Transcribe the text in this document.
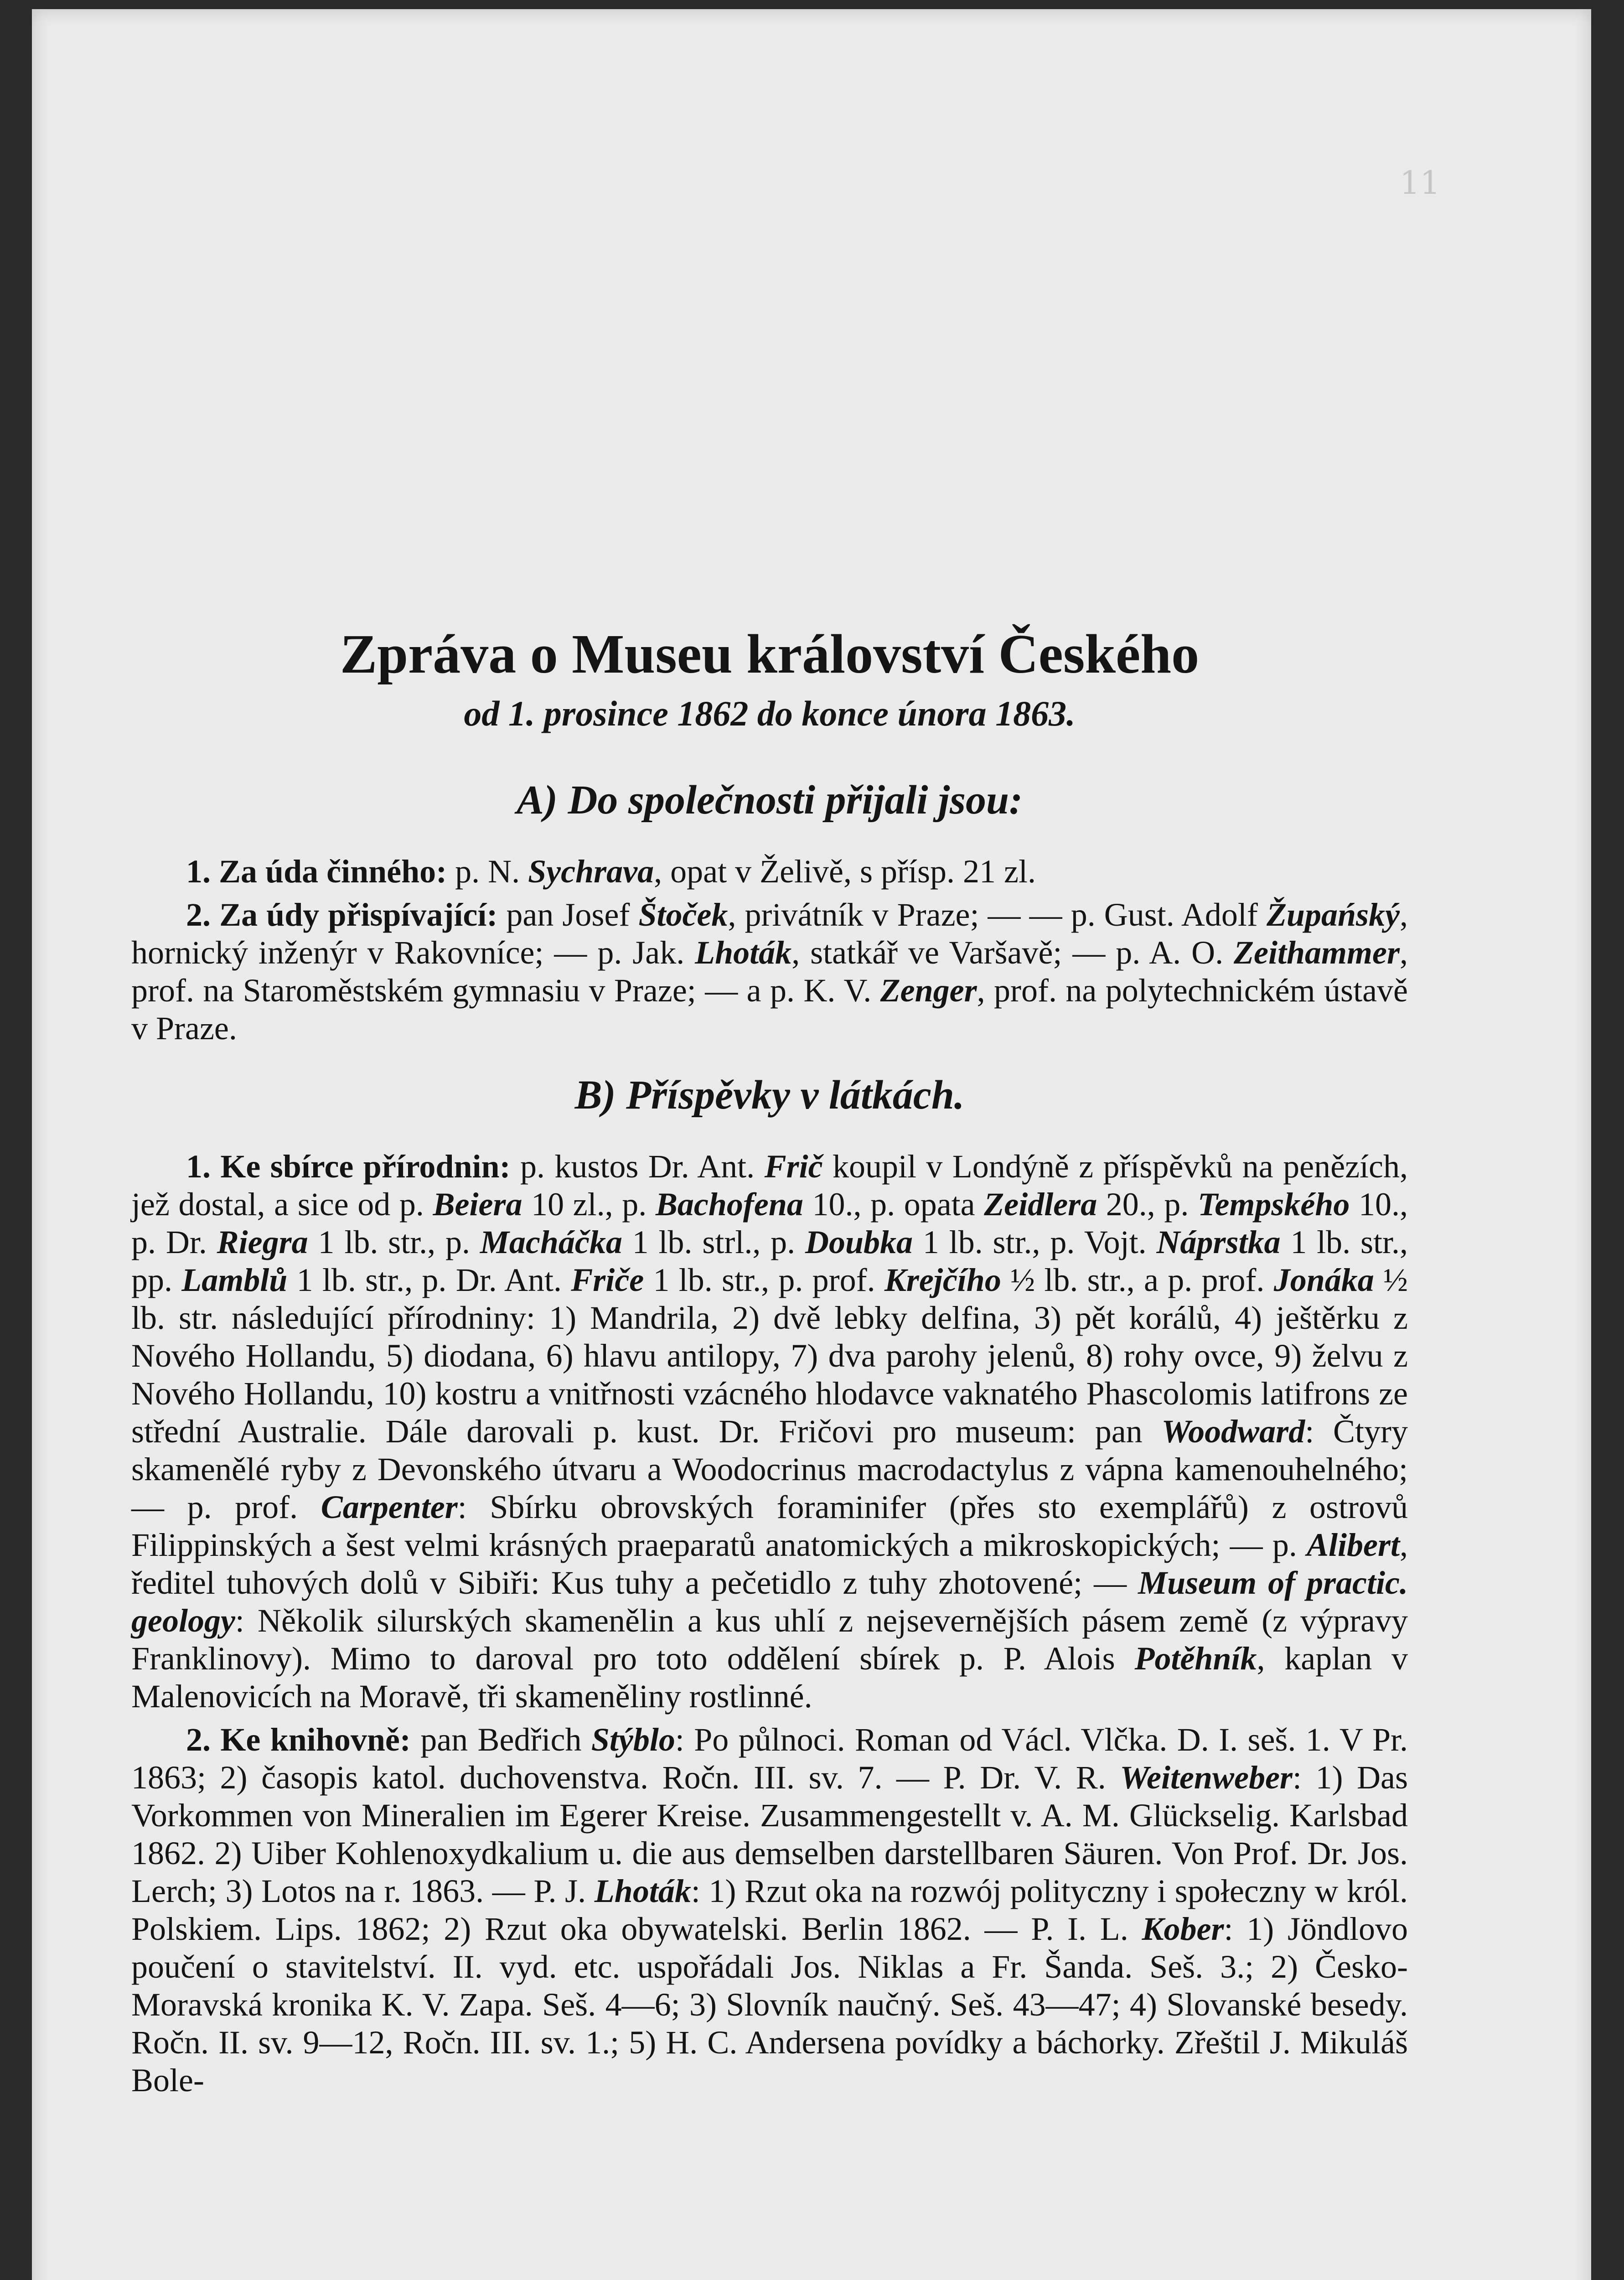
11
Zpráva o Museu království Českého
od 1. prosince 1862 do konce února 1863.
A) Do společnosti přijali jsou:

1. Za úda činného: p. N. Sychrava, opat v Želivě, s přísp. 21 zl.

2. Za údy přispívající: pan Josef Štoček, privátník v Praze; — — p. Gust. Adolf Župańský, hornický inženýr v Rakovníce; — p. Jak. Lhoták, statkář ve Varšavě; — p. A. O. Zeithammer, prof. na Staroměstském gymnasiu v Praze; — a p. K. V. Zenger, prof. na polytechnickém ústavě v Praze.

B) Příspěvky v látkách.

1. Ke sbírce přírodnin: p. kustos Dr. Ant. Frič koupil v Londýně z příspěvků na penězích, jež dostal, a sice od p. Beiera 10 zl., p. Bachofena 10., p. opata Zeidlera 20., p. Tempského 10., p. Dr. Riegra 1 lb. str., p. Macháčka 1 lb. strl., p. Doubka 1 lb. str., p. Vojt. Náprstka 1 lb. str., pp. Lamblů 1 lb. str., p. Dr. Ant. Friče 1 lb. str., p. prof. Krejčího ½ lb. str., a p. prof. Jonáka ½ lb. str. následující přírodniny: 1) Mandrila, 2) dvě lebky delfina, 3) pět korálů, 4) ještěrku z Nového Hollandu, 5) diodana, 6) hlavu antilopy, 7) dva parohy jelenů, 8) rohy ovce, 9) želvu z Nového Hollandu, 10) kostru a vnitřnosti vzácného hlodavce vaknatého Phascolomis latifrons ze střední Australie. Dále darovali p. kust. Dr. Fričovi pro museum: pan Woodward: Čtyry skamenělé ryby z Devonského útvaru a Woodocrinus macrodactylus z vápna kamenouhelného; — p. prof. Carpenter: Sbírku obrovských foraminifer (přes sto exemplářů) z ostrovů Filippinských a šest velmi krásných praeparatů anatomických a mikroskopických; — p. Alibert, ředitel tuhových dolů v Sibiři: Kus tuhy a pečetidlo z tuhy zhotovené; — Museum of practic. geology: Několik silurských skamenělin a kus uhlí z nejsevernějších pásem země (z výpravy Franklinovy). Mimo to daroval pro toto oddělení sbírek p. P. Alois Potěhník, kaplan v Malenovicích na Moravě, tři skameněliny rostlinné.

2. Ke knihovně: pan Bedřich Stýblo: Po půlnoci. Roman od Václ. Vlčka. D. I. seš. 1. V Pr. 1863; 2) časopis katol. duchovenstva. Ročn. III. sv. 7. — P. Dr. V. R. Weitenweber: 1) Das Vorkommen von Mineralien im Egerer Kreise. Zusammengestellt v. A. M. Glückselig. Karlsbad 1862. 2) Uiber Kohlenoxydkalium u. die aus demselben darstellbaren Säuren. Von Prof. Dr. Jos. Lerch; 3) Lotos na r. 1863. — P. J. Lhoták: 1) Rzut oka na rozwój polityczny i społeczny w król. Polskiem. Lips. 1862; 2) Rzut oka obywatelski. Berlin 1862. — P. I. L. Kober: 1) Jöndlovo poučení o stavitelství. II. vyd. etc. uspořádali Jos. Niklas a Fr. Šanda. Seš. 3.; 2) Česko-Moravská kronika K. V. Zapa. Seš. 4—6; 3) Slovník naučný. Seš. 43—47; 4) Slovanské besedy. Ročn. II. sv. 9—12, Ročn. III. sv. 1.; 5) H. C. Andersena povídky a báchorky. Zřeštil J. Mikuláš Bole-
